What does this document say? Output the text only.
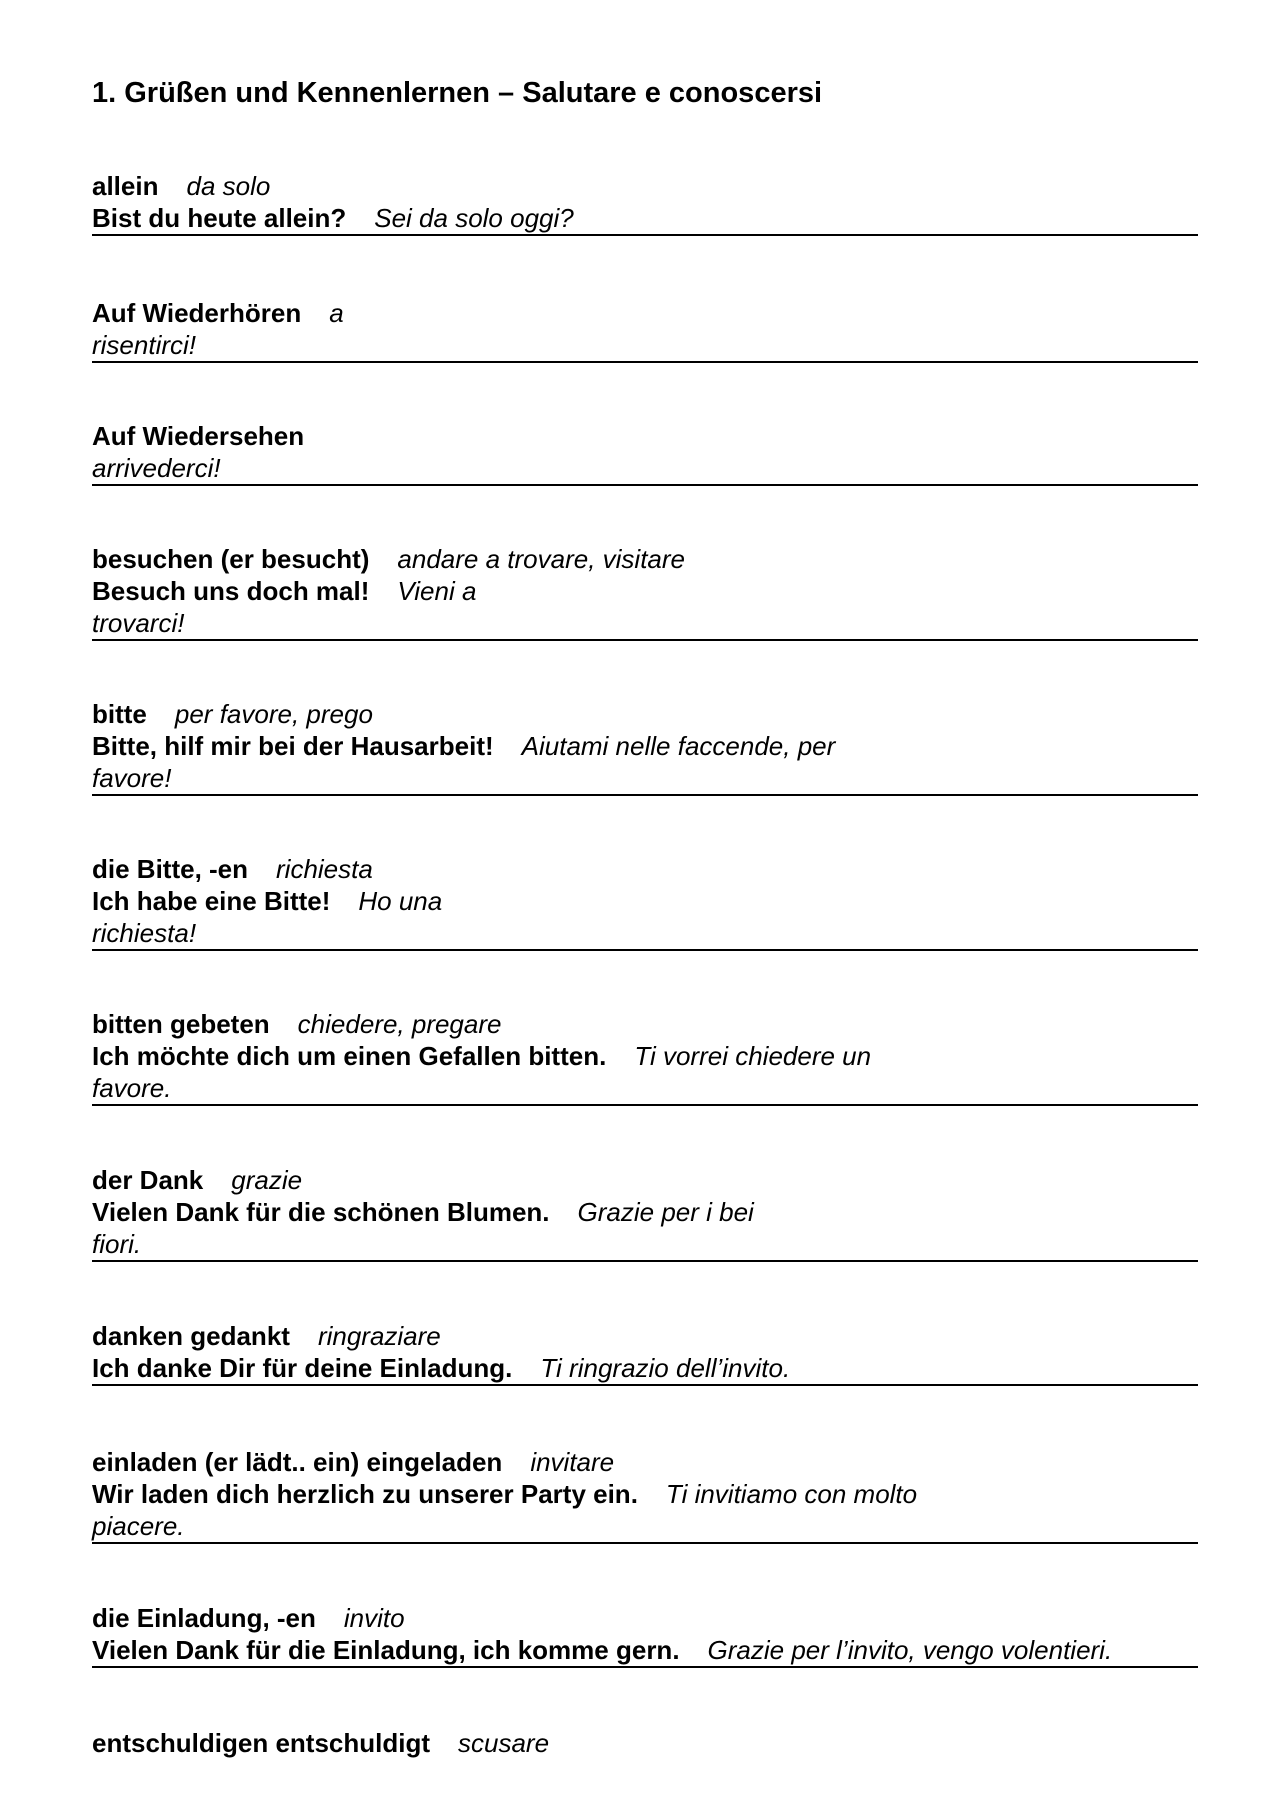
1. Grüßen und Kennenlernen – Salutare e conoscersi
allein da solo
Bist du heute allein? Sei da solo oggi?
Auf Wiederhören a
risentirci!
Auf Wiedersehen
arrivederci!
besuchen (er besucht) andare a trovare, visitare
Besuch uns doch mal! Vieni a
trovarci!
bitte per favore, prego
Bitte, hilf mir bei der Hausarbeit! Aiutami nelle faccende, per
favore!
die Bitte, -en richiesta
Ich habe eine Bitte! Ho una
richiesta!
bitten gebeten chiedere, pregare
Ich möchte dich um einen Gefallen bitten. Ti vorrei chiedere un
favore.
der Dank grazie
Vielen Dank für die schönen Blumen. Grazie per i bei
fiori.
danken gedankt ringraziare
Ich danke Dir für deine Einladung. Ti ringrazio dell’invito.
einladen (er lädt.. ein) eingeladen invitare
Wir laden dich herzlich zu unserer Party ein. Ti invitiamo con molto
piacere.
die Einladung, -en invito
Vielen Dank für die Einladung, ich komme gern. Grazie per l’invito, vengo volentieri.
entschuldigen entschuldigt scusare
